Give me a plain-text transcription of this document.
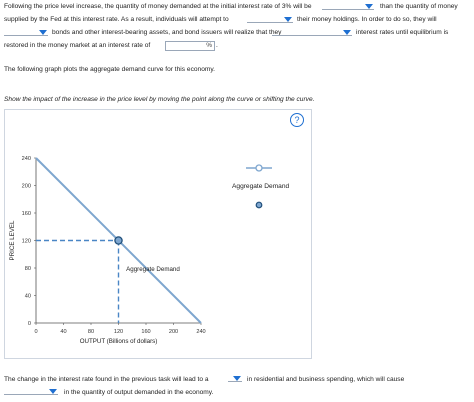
Following the price level increase, the quantity of money demanded at the initial interest rate of 3% will be	than the quantity of money
supplied by the Fed at this interest rate. As a result, individuals will attempt to	their money holdings. In order to do so, they will
bonds and other interest-bearing assets, and bond issuers will realize that they	interest rates until equilibrium is
restored in the money market at an interest rate of	% .
The following graph plots the aggregate demand curve for this economy.
Show the impact of the increase in the price level by moving the point along the curve or shifting the curve.
?
OUTPUT (Billions of dollars)
PRICE LEVEL
0	40	80	120	160	200	240
0
40
80
120
160
200
240
Aggregate Demand
Aggregate Demand
The change in the interest rate found in the previous task will lead to a	in residential and business spending, which will cause
in the quantity of output demanded in the economy.
